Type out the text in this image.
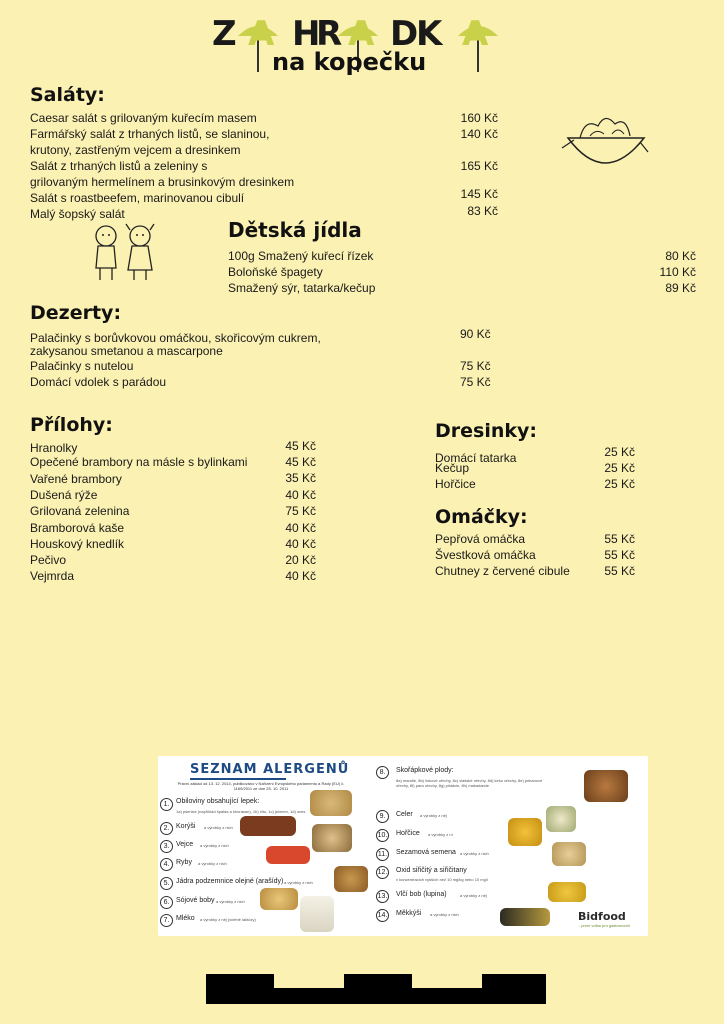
Z A H
R A D
K A
na kopečku
Saláty:
Caesar salát s grilovaným kuřecím masem	160 Kč
Farmářský salát z trhaných listů, se slaninou,	140 Kč
krutony, zastřeným vejcem a dresinkem
Salát z trhaných listů a zeleniny s	165 Kč
grilovaným hermelínem a brusinkovým dresinkem
Salát s roastbeefem, marinovanou cibulí	145 Kč
Malý šopský salát	83 Kč
Dětská jídla
100g Smažený kuřecí řízek	80 Kč
Boloňské špagety	110 Kč
Smažený sýr, tatarka/kečup	89 Kč
Dezerty:
Palačinky s borůvkovou omáčkou, skořicovým cukrem,	90 Kč
zakysanou smetanou a mascarpone
Palačinky s nutelou	75 Kč
Domácí vdolek s parádou	75 Kč
Přílohy:
Hranolky	45 Kč
Opečené brambory na másle s bylinkami	45 Kč
Vařené brambory	35 Kč
Dušená rýže	40 Kč
Grilovaná zelenina	75 Kč
Bramborová kaše	40 Kč
Houskový knedlík	40 Kč
Pečivo	20 Kč
Vejmrda	40 Kč
Dresinky:
Domácí tatarka	25 Kč
Kečup	25 Kč
Hořčice	25 Kč
Omáčky:
Pepřová omáčka	55 Kč
Švestková omáčka	55 Kč
Chutney z červené cibule	55 Kč
SEZNAM ALERGENŮ
Právní základ od 13. 12. 2014, publikováno v Nařízení Evropského parlamentu a Rady (EU) č. 1169/2011 ze dne 25. 10. 2011
1. Obiloviny obsahující lepek:
1a) pšenice (například špalda a khorasan), 1b) žito, 1c) ječmen, 1d) oves
2. Korýši a výrobky z nich
3. Vejce a výrobky z nich
4. Ryby a výrobky z nich
5. Jádra podzemnice olejné (arašídy) a výrobky z nich
6. Sójové boby a výrobky z nich
7. Mléko a výrobky z něj (včetně laktózy)
8.	Skořápkové plody:
8a) mandle, 8b) lískové ořechy, 8c) vlašské ořechy, 8d) kešu ořechy, 8e) pekanové ořechy, 8f) para ořechy, 8g) pistácie, 8h) makadamie
9.	Celer a výrobky z něj
10. Hořčice a výrobky z ní
11. Sezamová semena a výrobky z nich
12. Oxid siřičitý a siřičitany
v koncentracích vyšších než 10 mg/kg nebo 10 mg/l
13. Vlčí bob (lupina)	a výrobky z něj
14. Měkkýši a výrobky z nich	Bidfood
...první volba pro gastronomii
